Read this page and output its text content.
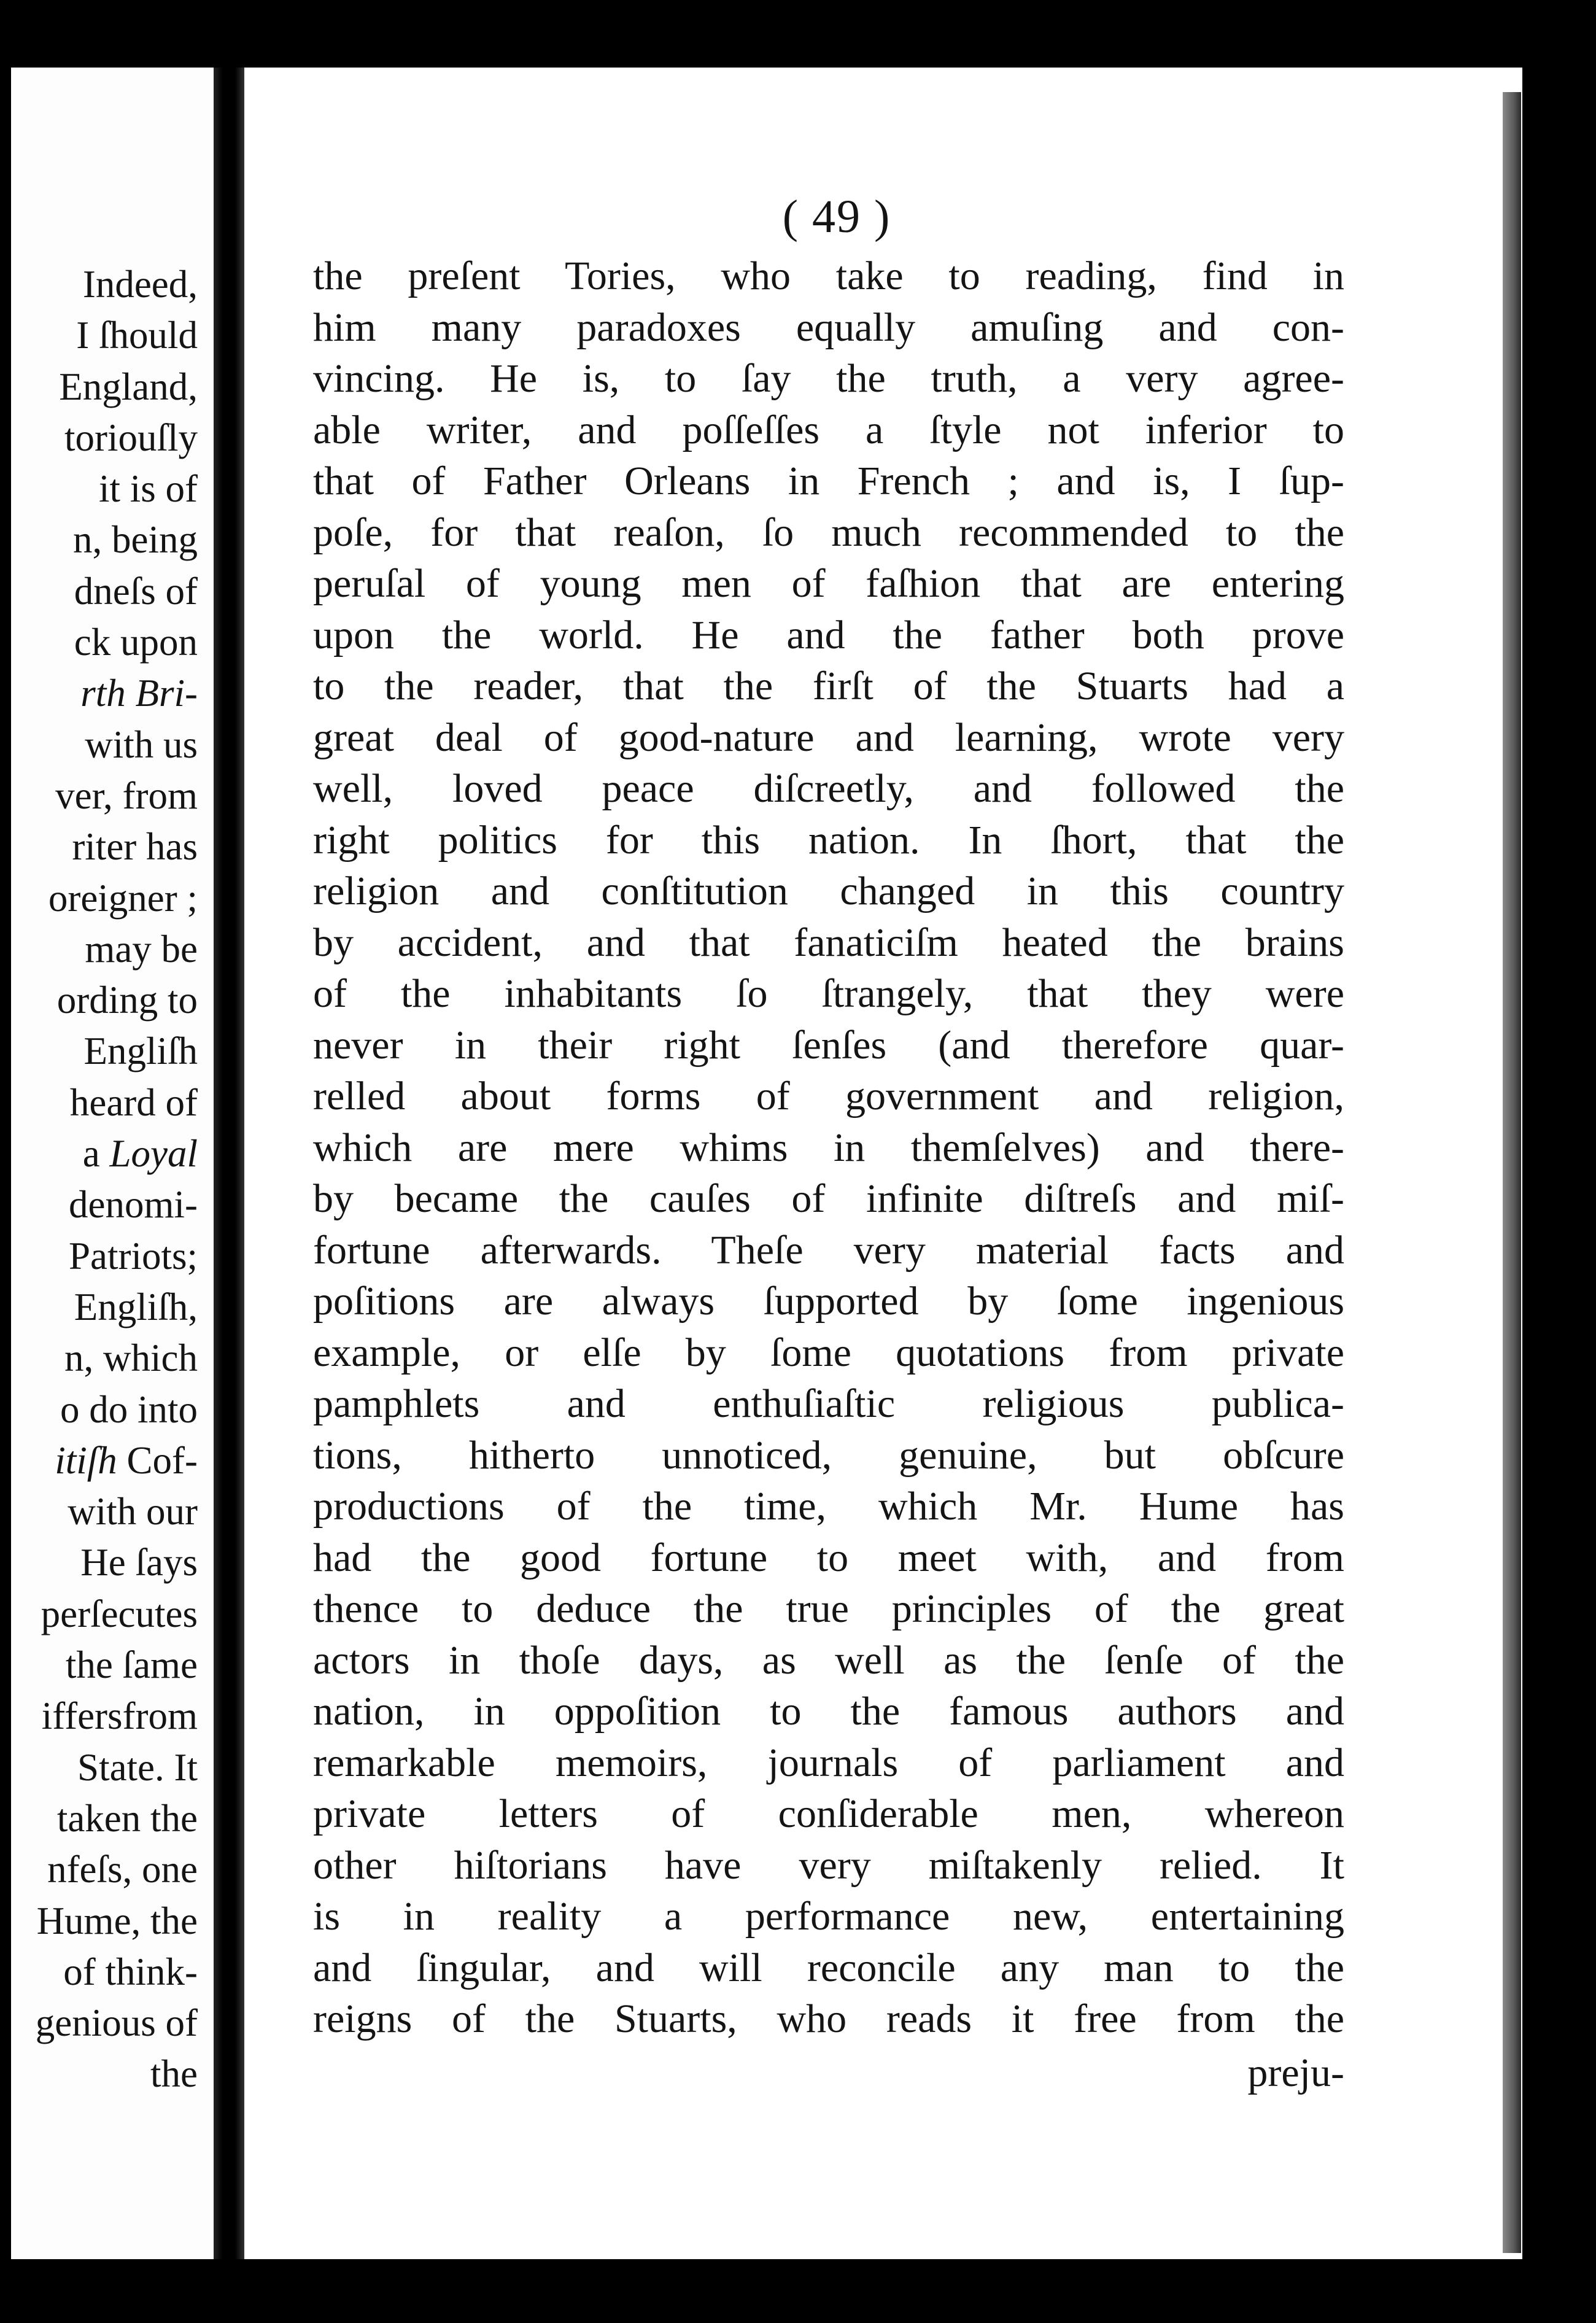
Indeed,
I ſhould
England,
toriouſly
it is of
n, being
dneſs of
ck upon
rth Bri-
with us
ver, from
riter has
oreigner ;
may be
ording to
Engliſh
heard of
a Loyal
denomi-
Patriots;
Engliſh,
n, which
o do into
itiſh Cof-
with our
He ſays
perſecutes
the ſame
iffersfrom
State. It
taken the
nfeſs, one
Hume, the
of think-
genious of
the
( 49 )
the preſent Tories, who take to reading, find in
him many paradoxes equally amuſing and con-
vincing. He is, to ſay the truth, a very agree-
able writer, and poſſeſſes a ſtyle not inferior to
that of Father Orleans in French ; and is, I ſup-
poſe, for that reaſon, ſo much recommended to the
peruſal of young men of faſhion that are entering
upon the world. He and the father both prove
to the reader, that the firſt of the Stuarts had a
great deal of good-nature and learning, wrote very
well, loved peace diſcreetly, and followed the
right politics for this nation. In ſhort, that the
religion and conſtitution changed in this country
by accident, and that fanaticiſm heated the brains
of the inhabitants ſo ſtrangely, that they were
never in their right ſenſes (and therefore quar-
relled about forms of government and religion,
which are mere whims in themſelves) and there-
by became the cauſes of infinite diſtreſs and miſ-
fortune afterwards. Theſe very material facts and
poſitions are always ſupported by ſome ingenious
example, or elſe by ſome quotations from private
pamphlets and enthuſiaſtic religious publica-
tions, hitherto unnoticed, genuine, but obſcure
productions of the time, which Mr. Hume has
had the good fortune to meet with, and from
thence to deduce the true principles of the great
actors in thoſe days, as well as the ſenſe of the
nation, in oppoſition to the famous authors and
remarkable memoirs, journals of parliament and
private letters of conſiderable men, whereon
other hiſtorians have very miſtakenly relied. It
is in reality a performance new, entertaining
and ſingular, and will reconcile any man to the
reigns of the Stuarts, who reads it free from the
preju-
